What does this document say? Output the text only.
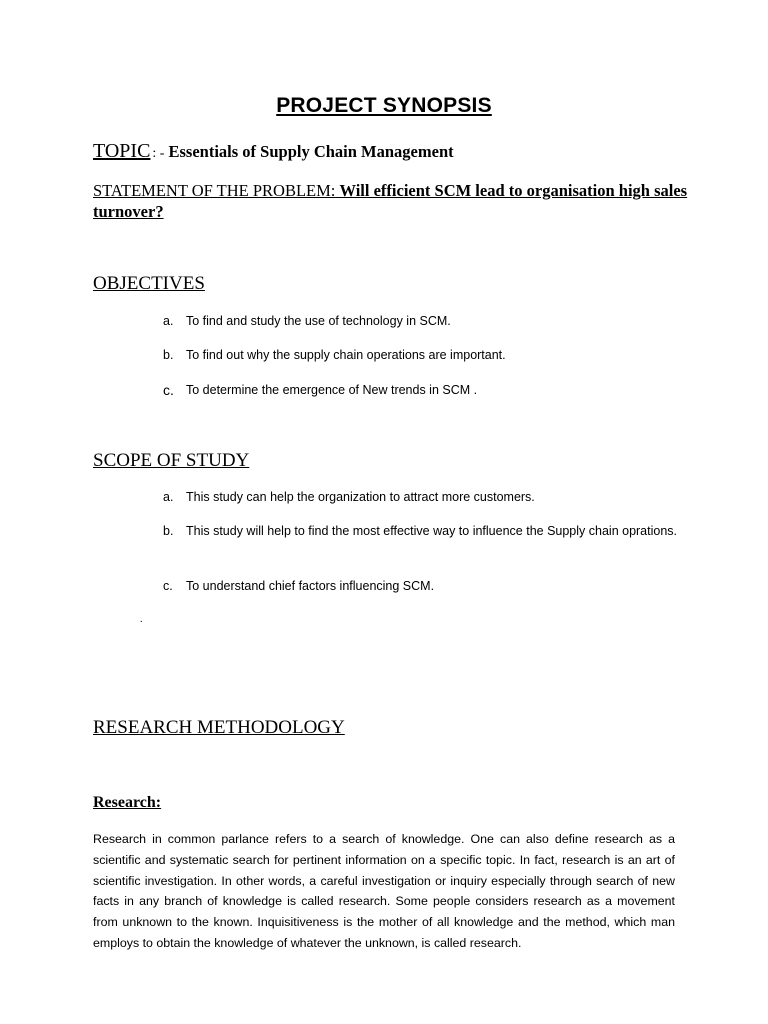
PROJECT SYNOPSIS
TOPIC : - Essentials of Supply Chain Management
STATEMENT OF THE PROBLEM: Will efficient SCM lead to organisation high sales turnover?
OBJECTIVES
a.	To find and study the use of technology in SCM.
b.	To find out why the supply chain operations are important.
c. To determine the emergence of New trends in SCM .
SCOPE OF STUDY
a.	This study can help the organization to attract more customers.
b.	This study will help to find the most effective way to influence the Supply chain oprations.
c.	To understand chief factors influencing SCM.
.
RESEARCH METHODOLOGY
Research:
Research in common parlance refers to a search of knowledge. One can also define research as a scientific and systematic search for pertinent information on a specific topic. In fact, research is an art of scientific investigation. In other words, a careful investigation or inquiry especially through search of new facts in any branch of knowledge is called research. Some people considers research as a movement from unknown to the known. Inquisitiveness is the mother of all knowledge and the method, which man employs to obtain the knowledge of whatever the unknown, is called research.
